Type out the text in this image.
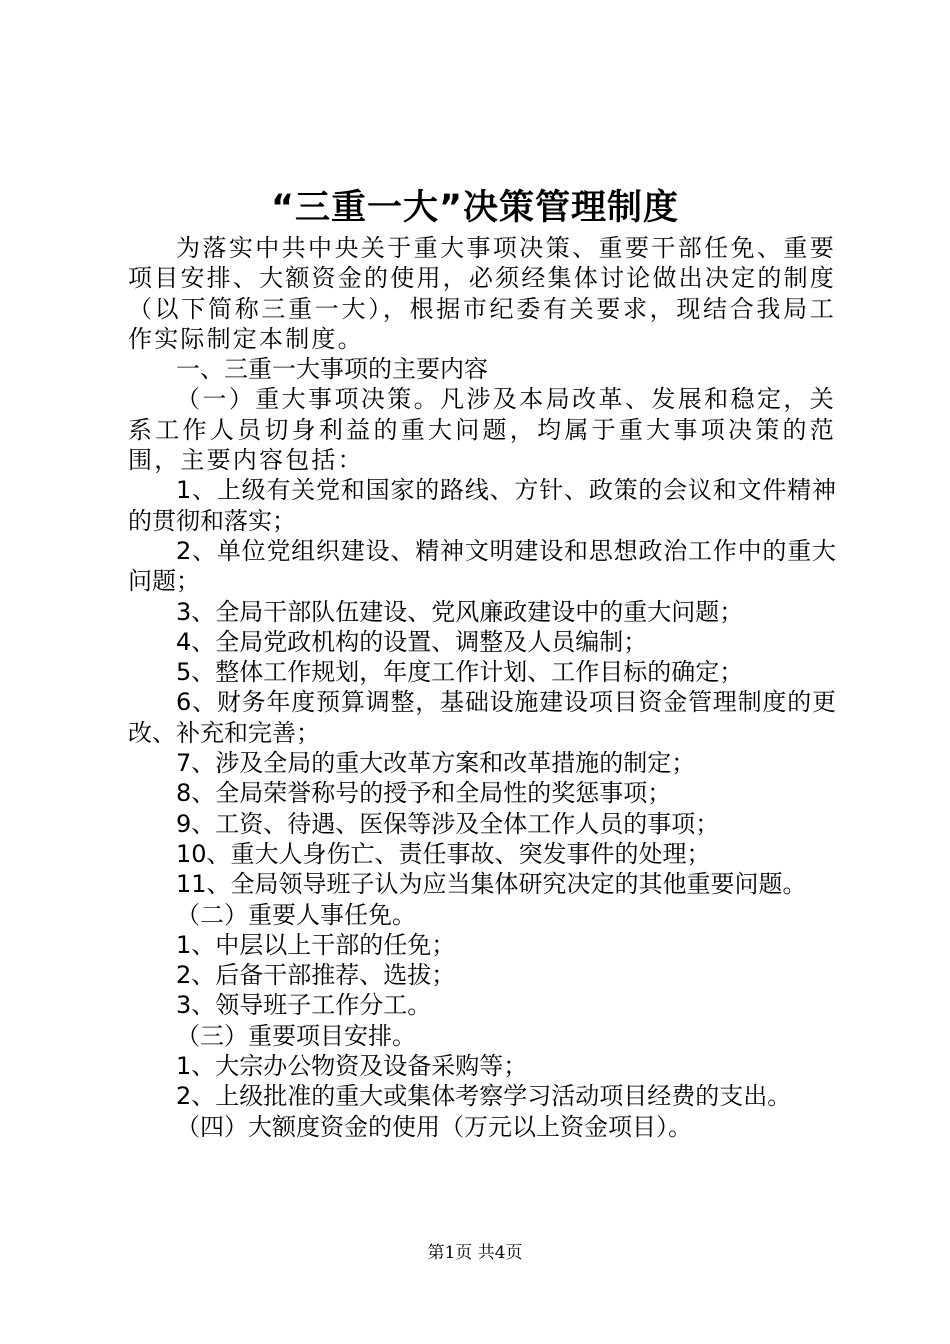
“三重一大”决策管理制度

为落实中共中央关于重大事项决策、重要干部任免、重要项目安排、大额资金的使用，必须经集体讨论做出决定的制度（以下简称三重一大），根据市纪委有关要求，现结合我局工作实际制定本制度。

一、三重一大事项的主要内容

（一）重大事项决策。凡涉及本局改革、发展和稳定，关系工作人员切身利益的重大问题，均属于重大事项决策的范围，主要内容包括：

1、上级有关党和国家的路线、方针、政策的会议和文件精神的贯彻和落实；

2、单位党组织建设、精神文明建设和思想政治工作中的重大问题；

3、全局干部队伍建设、党风廉政建设中的重大问题；

4、全局党政机构的设置、调整及人员编制；

5、整体工作规划，年度工作计划、工作目标的确定；

6、财务年度预算调整，基础设施建设项目资金管理制度的更改、补充和完善；

7、涉及全局的重大改革方案和改革措施的制定；

8、全局荣誉称号的授予和全局性的奖惩事项；

9、工资、待遇、医保等涉及全体工作人员的事项；

10、重大人身伤亡、责任事故、突发事件的处理；

11、全局领导班子认为应当集体研究决定的其他重要问题。

（二）重要人事任免。

1、中层以上干部的任免；

2、后备干部推荐、选拔；

3、领导班子工作分工。

（三）重要项目安排。

1、大宗办公物资及设备采购等；

2、上级批准的重大或集体考察学习活动项目经费的支出。

（四）大额度资金的使用（万元以上资金项目）。

第1页 共4页
